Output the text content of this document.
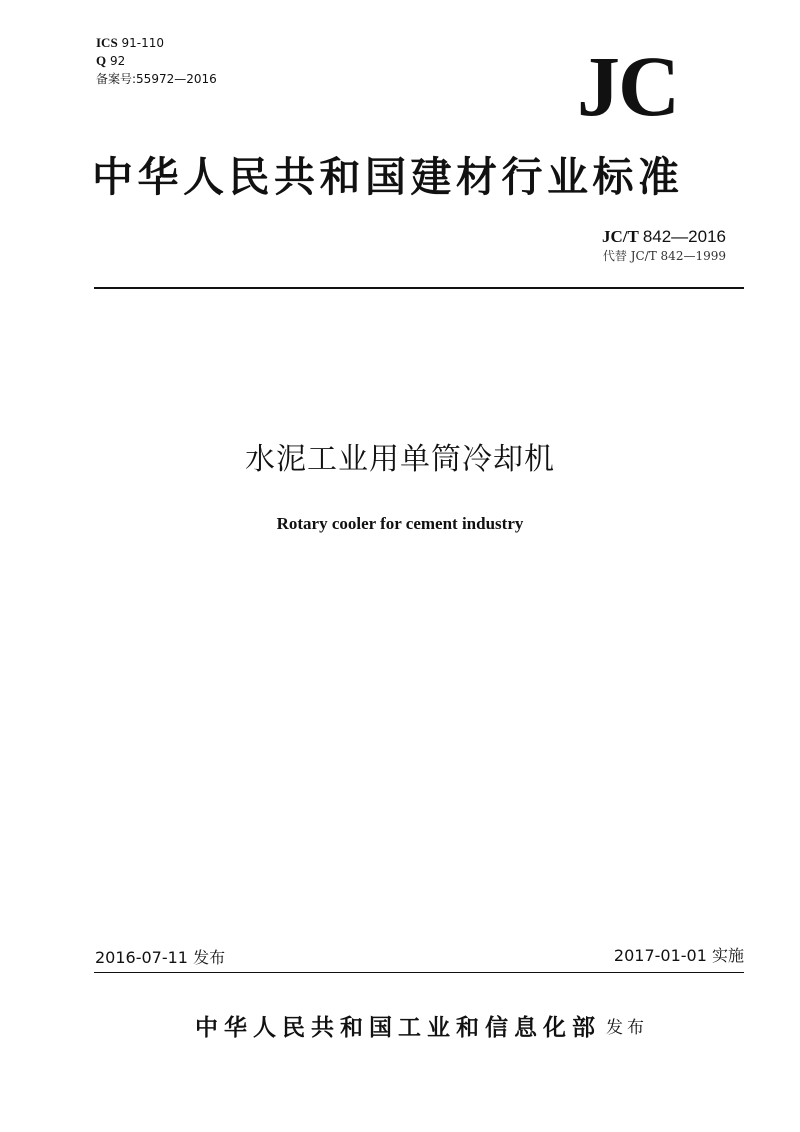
ICS 91-110
Q 92
备案号:55972—2016	JC
中华人民共和国建材行业标准
JC/T 842—2016
代替 JC/T 842—1999
水泥工业用单筒冷却机
Rotary cooler for cement industry
2016-07-11 发布	2017-01-01 实施
中华人民共和国工业和信息化部 发布
